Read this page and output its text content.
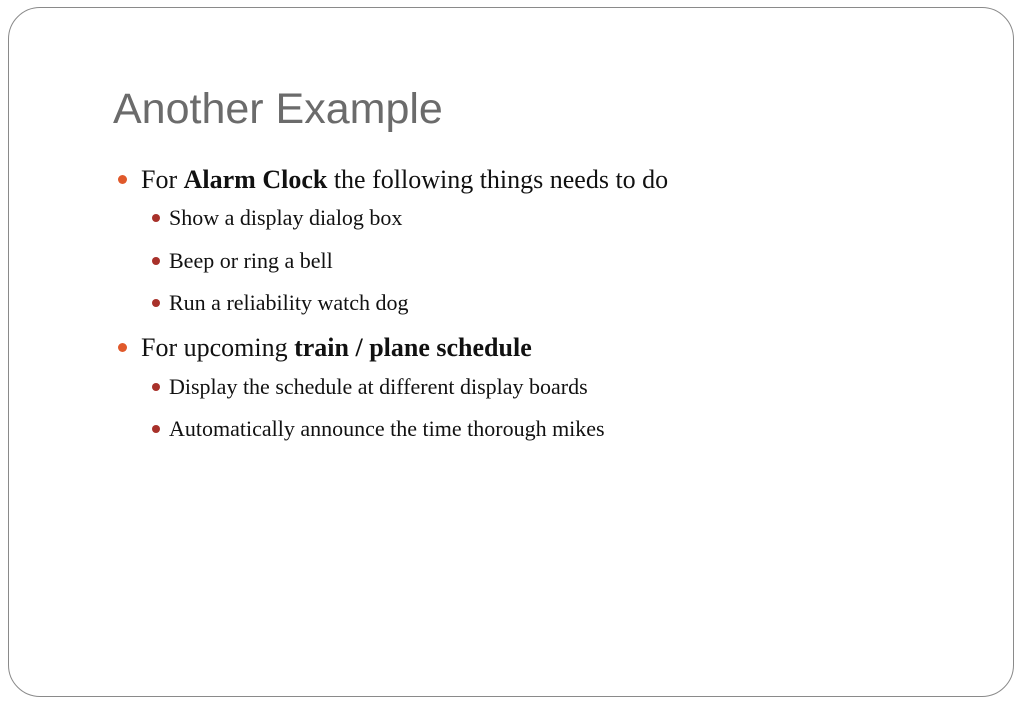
Another Example
For Alarm Clock the following things needs to do
Show a display dialog box
Beep or ring a bell
Run a reliability watch dog
For upcoming train / plane schedule
Display the schedule at different display boards
Automatically announce the time thorough mikes
